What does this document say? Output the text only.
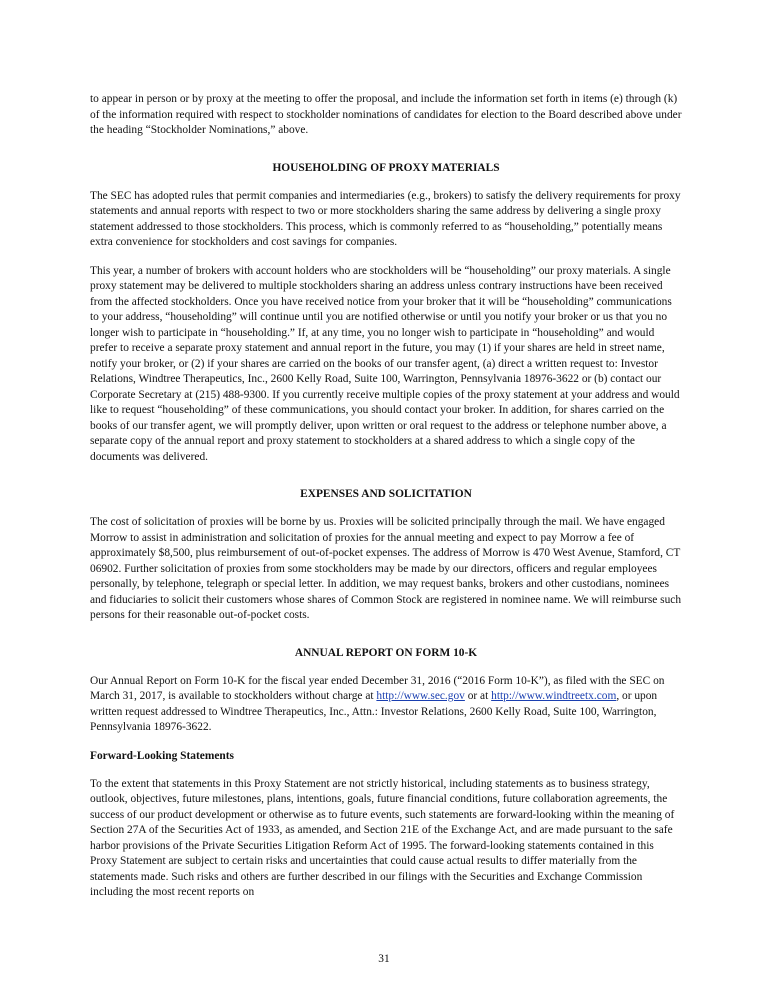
to appear in person or by proxy at the meeting to offer the proposal, and include the information set forth in items (e) through (k) of the information required with respect to stockholder nominations of candidates for election to the Board described above under the heading “Stockholder Nominations,” above.

HOUSEHOLDING OF PROXY MATERIALS

The SEC has adopted rules that permit companies and intermediaries (e.g., brokers) to satisfy the delivery requirements for proxy statements and annual reports with respect to two or more stockholders sharing the same address by delivering a single proxy statement addressed to those stockholders. This process, which is commonly referred to as “householding,” potentially means extra convenience for stockholders and cost savings for companies.

This year, a number of brokers with account holders who are stockholders will be “householding” our proxy materials. A single proxy statement may be delivered to multiple stockholders sharing an address unless contrary instructions have been received from the affected stockholders. Once you have received notice from your broker that it will be “householding” communications to your address, “householding” will continue until you are notified otherwise or until you notify your broker or us that you no longer wish to participate in “householding.” If, at any time, you no longer wish to participate in “householding” and would prefer to receive a separate proxy statement and annual report in the future, you may (1) if your shares are held in street name, notify your broker, or (2) if your shares are carried on the books of our transfer agent, (a) direct a written request to: Investor Relations, Windtree Therapeutics, Inc., 2600 Kelly Road, Suite 100, Warrington, Pennsylvania 18976-3622 or (b) contact our Corporate Secretary at (215) 488-9300. If you currently receive multiple copies of the proxy statement at your address and would like to request “householding” of these communications, you should contact your broker. In addition, for shares carried on the books of our transfer agent, we will promptly deliver, upon written or oral request to the address or telephone number above, a separate copy of the annual report and proxy statement to stockholders at a shared address to which a single copy of the documents was delivered.

EXPENSES AND SOLICITATION

The cost of solicitation of proxies will be borne by us. Proxies will be solicited principally through the mail. We have engaged Morrow to assist in administration and solicitation of proxies for the annual meeting and expect to pay Morrow a fee of approximately $8,500, plus reimbursement of out-of-pocket expenses. The address of Morrow is 470 West Avenue, Stamford, CT 06902. Further solicitation of proxies from some stockholders may be made by our directors, officers and regular employees personally, by telephone, telegraph or special letter. In addition, we may request banks, brokers and other custodians, nominees and fiduciaries to solicit their customers whose shares of Common Stock are registered in nominee name. We will reimburse such persons for their reasonable out-of-pocket costs.

ANNUAL REPORT ON FORM 10-K

Our Annual Report on Form 10-K for the fiscal year ended December 31, 2016 (“2016 Form 10-K”), as filed with the SEC on March 31, 2017, is available to stockholders without charge at http://www.sec.gov or at http://www.windtreetx.com, or upon written request addressed to Windtree Therapeutics, Inc., Attn.: Investor Relations, 2600 Kelly Road, Suite 100, Warrington, Pennsylvania 18976-3622.

Forward-Looking Statements

To the extent that statements in this Proxy Statement are not strictly historical, including statements as to business strategy, outlook, objectives, future milestones, plans, intentions, goals, future financial conditions, future collaboration agreements, the success of our product development or otherwise as to future events, such statements are forward-looking within the meaning of Section 27A of the Securities Act of 1933, as amended, and Section 21E of the Exchange Act, and are made pursuant to the safe harbor provisions of the Private Securities Litigation Reform Act of 1995. The forward-looking statements contained in this Proxy Statement are subject to certain risks and uncertainties that could cause actual results to differ materially from the statements made. Such risks and others are further described in our filings with the Securities and Exchange Commission including the most recent reports on

31
